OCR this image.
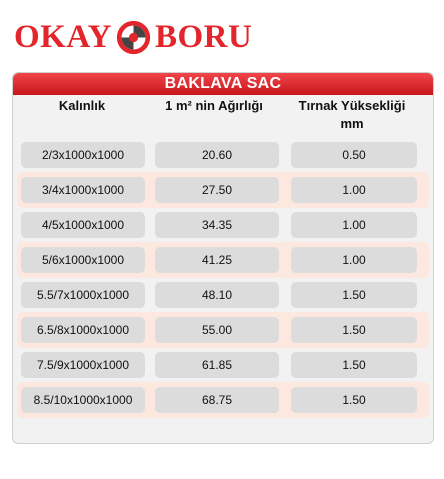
OKAY BORU
BAKLAVA SAC
Kalınlık	1 m² nin Ağırlığı	Tırnak Yüksekliği mm
2/3x1000x1000	20.60	0.50
3/4x1000x1000	27.50	1.00
4/5x1000x1000	34.35	1.00
5/6x1000x1000	41.25	1.00
5.5/7x1000x1000	48.10	1.50
6.5/8x1000x1000	55.00	1.50
7.5/9x1000x1000	61.85	1.50
8.5/10x1000x1000	68.75	1.50
